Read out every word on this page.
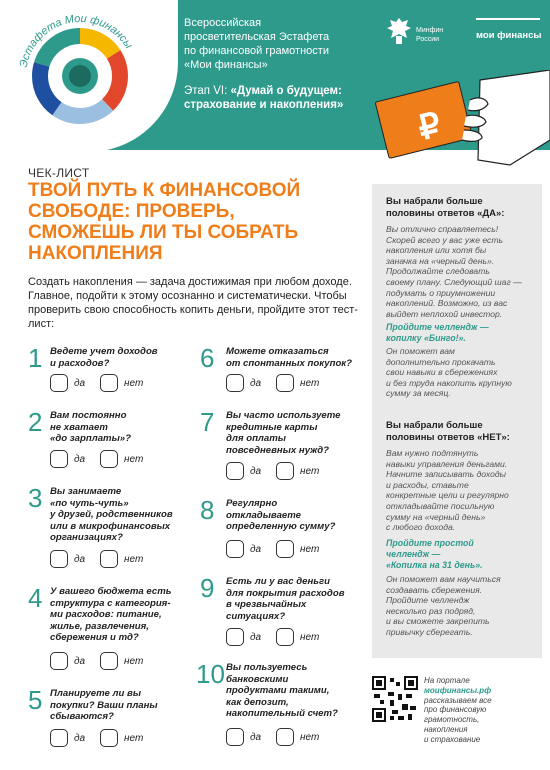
₽
Эстафета Мои финансы
Всероссийская
просветительская Эстафета
по финансовой грамотности
«Мои финансы»
Этап VI: «Думай о будущем:
страхование и накопления»
Минфин
России	мои финансы
ЧЕК-ЛИСТ
ТВОЙ ПУТЬ К ФИНАНСОВОЙ
СВОБОДЕ: ПРОВЕРЬ,
СМОЖЕШЬ ЛИ ТЫ СОБРАТЬ
НАКОПЛЕНИЯ
Создать накопления — задача достижимая при любом доходе. Главное, подойти к этому осознанно и систематически. Чтобы проверить свою способность копить деньги, пройдите этот тест-лист:
1 Ведете учет доходов
и расходов?
да	нет
2 Вам постоянно
не хватает
«до зарплаты»?
да	нет
3 Вы занимаете
«по чуть-чуть»
у друзей, родственников
или в микрофинансовых
организациях?
да	нет
4 У вашего бюджета есть
структура с категория-
ми расходов: питание,
жилье, развлечения,
сбережения и тд?
да	нет
5 Планируете ли вы
покупки? Ваши планы
сбываются?
да	нет
6 Можете отказаться
от спонтанных покупок?
да	нет
7 Вы часто используете
кредитные карты
для оплаты
повседневных нужд?
да	нет
8 Регулярно
откладываете
определенную сумму?
да	нет
9 Есть ли у вас деньги
для покрытия расходов
в чрезвычайных
ситуациях?
да	нет
10 Вы пользуетесь
банковскими
продуктами такими,
как депозит,
накопительный счет?
да	нет
Вы набрали больше
половины ответов «ДА»:
Вы отлично справляетесь!
Скорей всего у вас уже есть
накопления или хотя бы
заначка на «черный день».
Продолжайте следовать
своему плану. Следующий шаг —
подумать о приумножении
накоплений. Возможно, из вас
выйдет неплохой инвестор.
Пройдите челлендж —
копилку «Бинго!».
Он поможет вам
дополнительно прокачать
свои навыки в сбережениях
и без труда накопить крупную
сумму за месяц.
Вы набрали больше
половины ответов «НЕТ»:
Вам нужно подтянуть
навыки управления деньгами.
Начните записывать доходы
и расходы, ставьте
конкретные цели и регулярно
откладывайте посильную
сумму на «черный день»
с любого дохода.
Пройдите простой
челлендж —
«Копилка на 31 день».
Он поможет вам научиться
создавать сбережения.
Пройдите челлендж
несколько раз подряд,
и вы сможете закрепить
привычку сберегать.
На портале
моифинансы.рф
рассказываем все
про финансовую
грамотность,
накопления
и страхование
